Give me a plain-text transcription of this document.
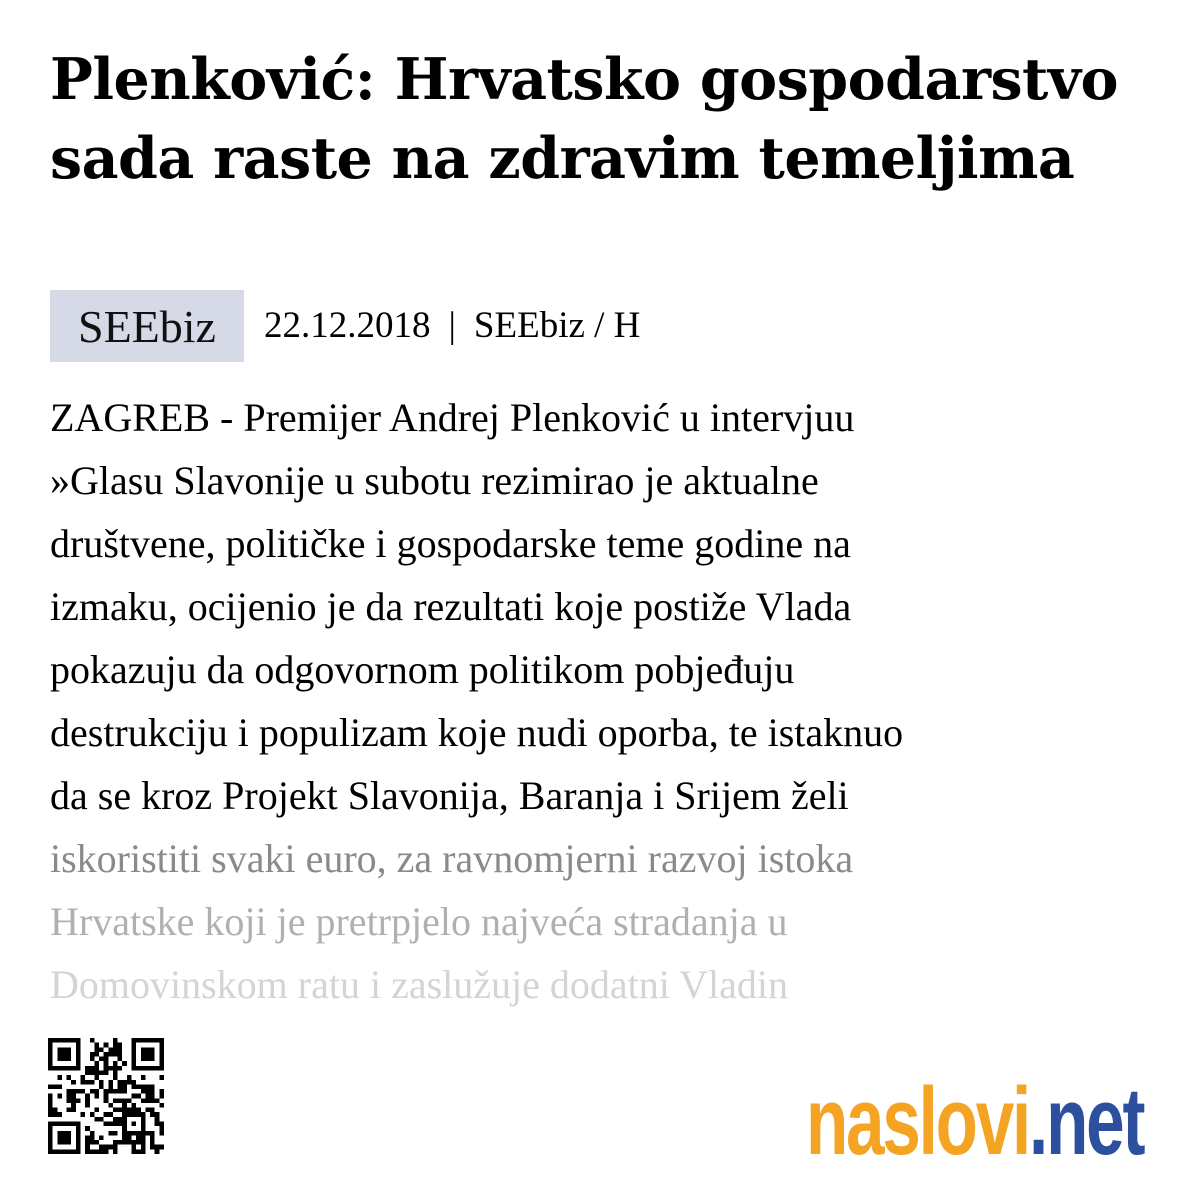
Plenković: Hrvatsko gospodarstvo sada raste na zdravim temeljima
SEEbiz	22.12.2018 | SEEbiz / H
ZAGREB - Premijer Andrej Plenković u intervjuu
»Glasu Slavonije u subotu rezimirao je aktualne
društvene, političke i gospodarske teme godine na
izmaku, ocijenio je da rezultati koje postiže Vlada
pokazuju da odgovornom politikom pobjeđuju
destrukciju i populizam koje nudi oporba, te istaknuo
da se kroz Projekt Slavonija, Baranja i Srijem želi
iskoristiti svaki euro, za ravnomjerni razvoj istoka
Hrvatske koji je pretrpjelo najveća stradanja u
Domovinskom ratu i zaslužuje dodatni Vladin
naslovi .net
